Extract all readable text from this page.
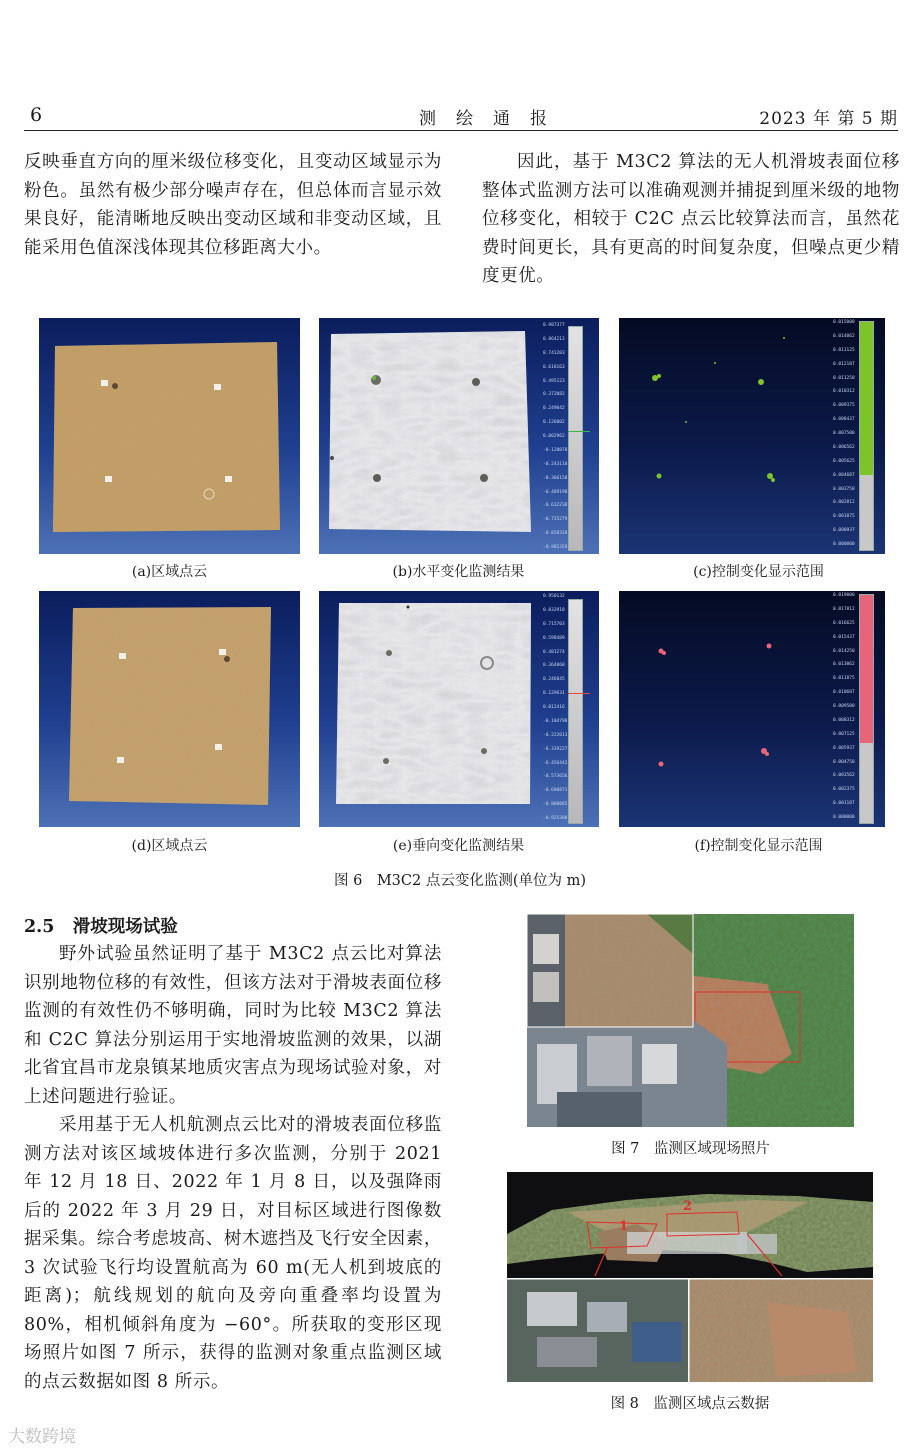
6	测绘通报	2023 年 第 5 期

反映垂直方向的厘米级位移变化，且变动区域显示为粉色。虽然有极少部分噪声存在，但总体而言显示效果良好，能清晰地反映出变动区域和非变动区域，且能采用色值深浅体现其位移距离大小。

因此，基于 M3C2 算法的无人机滑坡表面位移整体式监测方法可以准确观测并捕捉到厘米级的地物位移变化，相较于 C2C 点云比较算法而言，虽然花费时间更长，具有更高的时间复杂度，但噪点更少精度更优。

0.987377
0.864213
0.741203
0.618163
0.495123
0.372082
0.249042
0.126002
0.002962
-0.120078
-0.243118
-0.366158
-0.489198
-0.612238
-0.735279
-0.858319
-0.981359
0.015000
0.014062
0.013125
0.012187
0.011250
0.010312
0.009375
0.008437
0.007500
0.006562
0.005625
0.004687
0.003750
0.002812
0.001875
0.000937
0.000000
(a)区域点云	(b)水平变化监测结果	(c)控制变化显示范围
0.950132
0.832918
0.715703
0.598489
0.481274
0.364060
0.246845
0.129631
0.012416
-0.104798
-0.222013
-0.339227
-0.456442
-0.573656
-0.690871
-0.808085
-0.925300
0.019000
0.017812
0.016625
0.015437
0.014250
0.013062
0.011875
0.010687
0.009500
0.008312
0.007125
0.005937
0.004750
0.003562
0.002375
0.001187
0.000000
(d)区域点云	(e)垂向变化监测结果	(f)控制变化显示范围
图 6　M3C2 点云变化监测(单位为 m)
2.5 滑坡现场试验

野外试验虽然证明了基于 M3C2 点云比对算法识别地物位移的有效性，但该方法对于滑坡表面位移监测的有效性仍不够明确，同时为比较 M3C2 算法和 C2C 算法分别运用于实地滑坡监测的效果，以湖北省宜昌市龙泉镇某地质灾害点为现场试验对象，对上述问题进行验证。

采用基于无人机航测点云比对的滑坡表面位移监测方法对该区域坡体进行多次监测，分别于 2021 年 12 月 18 日、2022 年 1 月 8 日，以及强降雨后的 2022 年 3 月 29 日，对目标区域进行图像数据采集。综合考虑坡高、树木遮挡及飞行安全因素，3 次试验飞行均设置航高为 60 m(无人机到坡底的距离)；航线规划的航向及旁向重叠率均设置为 80%，相机倾斜角度为 −60°。所获取的变形区现场照片如图 7 所示，获得的监测对象重点监测区域的点云数据如图 8 所示。

图 7　监测区域现场照片
1
2
图 8　监测区域点云数据
大数跨境
